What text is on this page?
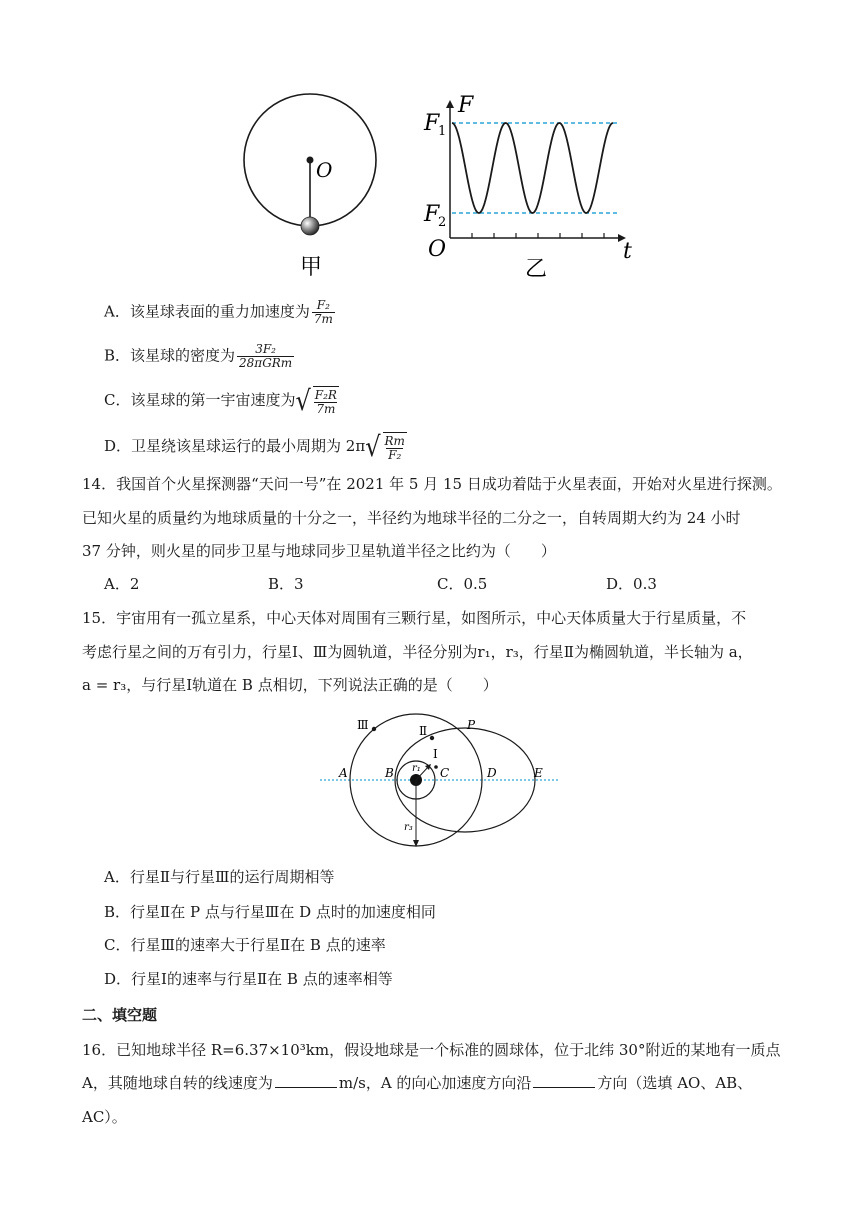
O
甲
F
t
O
F
1
F
2
乙
A．该星球表面的重力加速度为 $\frac{\text{F₂}}{7m}$
B．该星球的密度为 $\frac{\text{3F₂}}{\text{28πGRm}}$
C．该星球的第一宇宙速度为 √ $\frac{\text{F₂R}}{7m}$
D．卫星绕该星球运行的最小周期为 2π √ $\frac{Rm}{\text{F₂}}$
14．我国首个火星探测器“天问一号”在 2021 年 5 月 15 日成功着陆于火星表面，开始对火星进行探测。
已知火星的质量约为地球质量的十分之一，半径约为地球半径的二分之一，自转周期大约为 24 小时
37 分钟，则火星的同步卫星与地球同步卫星轨道半径之比约为（　　）
A．2	B．3	C．0.5	D．0.3
15．宇宙用有一孤立星系，中心天体对周围有三颗行星，如图所示，中心天体质量大于行星质量，不
考虑行星之间的万有引力，行星Ⅰ、Ⅲ为圆轨道，半径分别为r₁，r₃，行星Ⅱ为椭圆轨道，半长轴为 a，
a = r₃，与行星Ⅰ轨道在 B 点相切，下列说法正确的是（　　）
Ⅲ	Ⅱ
Ⅰ
P
A	B	C	D	E
r₁
r₃
A．行星Ⅱ与行星Ⅲ的运行周期相等
B．行星Ⅱ在 P 点与行星Ⅲ在 D 点时的加速度相同
C．行星Ⅲ的速率大于行星Ⅱ在 B 点的速率
D．行星Ⅰ的速率与行星Ⅱ在 B 点的速率相等
二、填空题
16．已知地球半径 R=6.37×10³km，假设地球是一个标准的圆球体，位于北纬 30°附近的某地有一质点
A，其随地球自转的线速度为	m/s，A 的向心加速度方向沿	方向（选填 AO、AB、
AC）。
